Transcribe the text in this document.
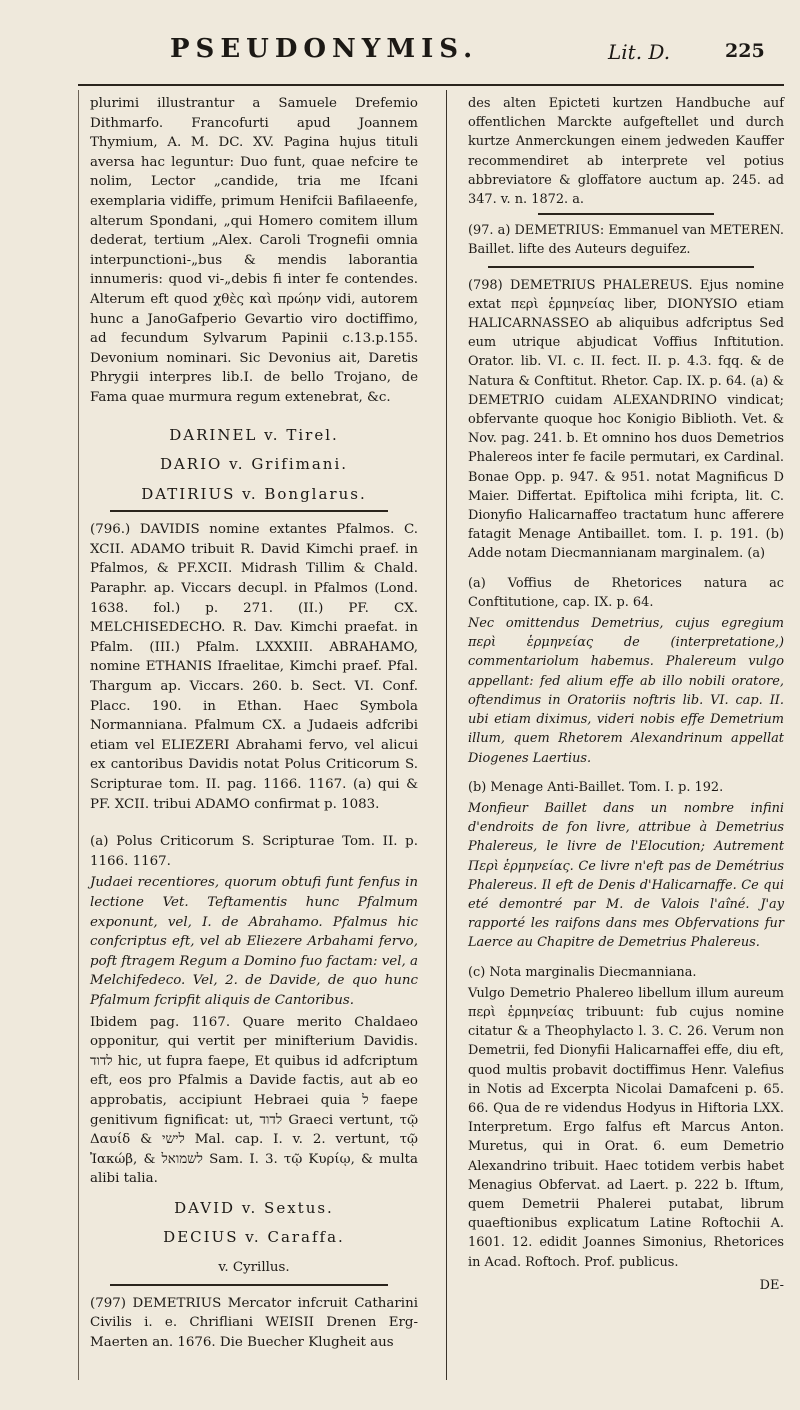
PSEUDONYMIS.	Lit. D.	225

plurimi illustrantur a Samuele Drefemio Dithmarfo. Francofurti apud Joannem Thymium, A. M. DC. XV. Pagina hujus tituli aversa hac leguntur: Duo funt, quae nefcire te nolim, Lector „candide, tria me Ifcani exemplaria vidiffe, primum Henifcii Bafilaeenfe, alterum Spondani, „qui Homero comitem illum dederat, tertium „Alex. Caroli Trognefii omnia interpunctioni-„bus & mendis laborantia innumeris: quod vi-„debis fi inter fe contendes. Alterum eft quod χθὲς καὶ πρώην vidi, autorem hunc a JanoGafperio Gevartio viro doctiffimo, ad fecundum Sylvarum Papinii c.13.p.155. Devonium nominari. Sic Devonius ait, Daretis Phrygii interpres lib.I. de bello Trojano, de Fama quae murmura regum extenebrat, &c.

DARINEL v. Tirel.

DARIO v. Grifimani.

DATIRIUS v. Bonglarus.

(796.) DAVIDIS nomine extantes Pfalmos. C. XCII. ADAMO tribuit R. David Kimchi praef. in Pfalmos, & PF.XCII. Midrash Tillim & Chald. Paraphr. ap. Viccars decupl. in Pfalmos (Lond. 1638. fol.) p. 271. (II.) PF. CX. MELCHISEDECHO. R. Dav. Kimchi praefat. in Pfalm. (III.) Pfalm. LXXXIII. ABRAHAMO, nomine ETHANIS Ifraelitae, Kimchi praef. Pfal. Thargum ap. Viccars. 260. b. Sect. VI. Conf. Placc. 190. in Ethan. Haec Symbola Normanniana. Pfalmum CX. a Judaeis adfcribi etiam vel ELIEZERI Abrahami fervo, vel alicui ex cantoribus Davidis notat Polus Criticorum S. Scripturae tom. II. pag. 1166. 1167. (a) qui & PF. XCII. tribui ADAMO confirmat p. 1083.

(a) Polus Criticorum S. Scripturae Tom. II. p. 1166. 1167.

Judaei recentiores, quorum obtufi funt fenfus in lectione Vet. Teftamentis hunc Pfalmum exponunt, vel, I. de Abrahamo. Pfalmus hic confcriptus eft, vel ab Eliezere Arbahami fervo, poft ftragem Regum a Domino fuo factam: vel, a Melchifedeco. Vel, 2. de Davide, de quo hunc Pfalmum fcripfit aliquis de Cantoribus.

Ibidem pag. 1167. Quare merito Chaldaeo opponitur, qui vertit per minifterium Davidis. לדוד hic, ut fupra faepe, Et quibus id adfcriptum eft, eos pro Pfalmis a Davide factis, aut ab eo approbatis, accipiunt Hebraei quia ל faepe genitivum fignificat: ut, לדוד Graeci vertunt, τῷ Δαυίδ & לישי Mal. cap. I. v. 2. vertunt, τῷ Ἰακώβ, & לשמואל Sam. I. 3. τῷ Κυρίῳ, & multa alibi talia.

DAVID v. Sextus.

DECIUS v. Caraffa.

v. Cyrillus.

(797) DEMETRIUS Mercator infcruit Catharini Civilis i. e. Chrifliani WEISII Drenen Erg-Maerten an. 1676. Die Buecher Klugheit aus

des alten Epicteti kurtzen Handbuche auf offentlichen Marckte aufgeftellet und durch kurtze Anmerckungen einem jedweden Kauffer recommendiret ab interprete vel potius abbreviatore & gloffatore auctum ap. 245. ad 347. v. n. 1872. a.

(97. a) DEMETRIUS: Emmanuel van METEREN. Baillet. lifte des Auteurs deguifez.

(798) DEMETRIUS PHALEREUS. Ejus nomine extat περὶ ἑρμηνείας liber, DIONYSIO etiam HALICARNASSEO ab aliquibus adfcriptus Sed eum utrique abjudicat Voffius Inftitution. Orator. lib. VI. c. II. fect. II. p. 4.3. fqq. & de Natura & Conftitut. Rhetor. Cap. IX. p. 64. (a) & DEMETRIO cuidam ALEXANDRINO vindicat; obfervante quoque hoc Konigio Biblioth. Vet. & Nov. pag. 241. b. Et omnino hos duos Demetrios Phalereos inter fe facile permutari, ex Cardinal. Bonae Opp. p. 947. & 951. notat Magnificus D Maier. Differtat. Epiftolica mihi fcripta, lit. C. Dionyfio Halicarnaffeo tractatum hunc afferere fatagit Menage Antibaillet. tom. I. p. 191. (b) Adde notam Diecmannianam marginalem. (a)

(a) Voffius de Rhetorices natura ac Conftitutione, cap. IX. p. 64.

Nec omittendus Demetrius, cujus egregium περὶ ἑρμηνείας de (interpretatione,) commentariolum habemus. Phalereum vulgo appellant: fed alium effe ab illo nobili oratore, oftendimus in Oratoriis noftris lib. VI. cap. II. ubi etiam diximus, videri nobis effe Demetrium illum, quem Rhetorem Alexandrinum appellat Diogenes Laertius.

(b) Menage Anti-Baillet. Tom. I. p. 192.

Monfieur Baillet dans un nombre infini d'endroits de fon livre, attribue à Demetrius Phalereus, le livre de l'Elocution; Autrement Περὶ ἑρμηνείας. Ce livre n'eft pas de Demétrius Phalereus. Il eft de Denis d'Halicarnaffe. Ce qui eté demontré par M. de Valois l'aîné. J'ay rapporté les raifons dans mes Obfervations fur Laerce au Chapitre de Demetrius Phalereus.

(c) Nota marginalis Diecmanniana.

Vulgo Demetrio Phalereo libellum illum aureum περὶ ἑρμηνείας tribuunt: fub cujus nomine citatur & a Theophylacto l. 3. C. 26. Verum non Demetrii, fed Dionyfii Halicarnaffei effe, diu eft, quod multis probavit doctiffimus Henr. Valefius in Notis ad Excerpta Nicolai Damafceni p. 65. 66. Qua de re videndus Hodyus in Hiftoria LXX. Interpretum. Ergo falfus eft Marcus Anton. Muretus, qui in Orat. 6. eum Demetrio Alexandrino tribuit. Haec totidem verbis habet Menagius Obfervat. ad Laert. p. 222 b. Iftum, quem Demetrii Phalerei putabat, librum quaeftionibus explicatum Latine Roftochii A. 1601. 12. edidit Joannes Simonius, Rhetorices in Acad. Roftoch. Prof. publicus.

DE-
